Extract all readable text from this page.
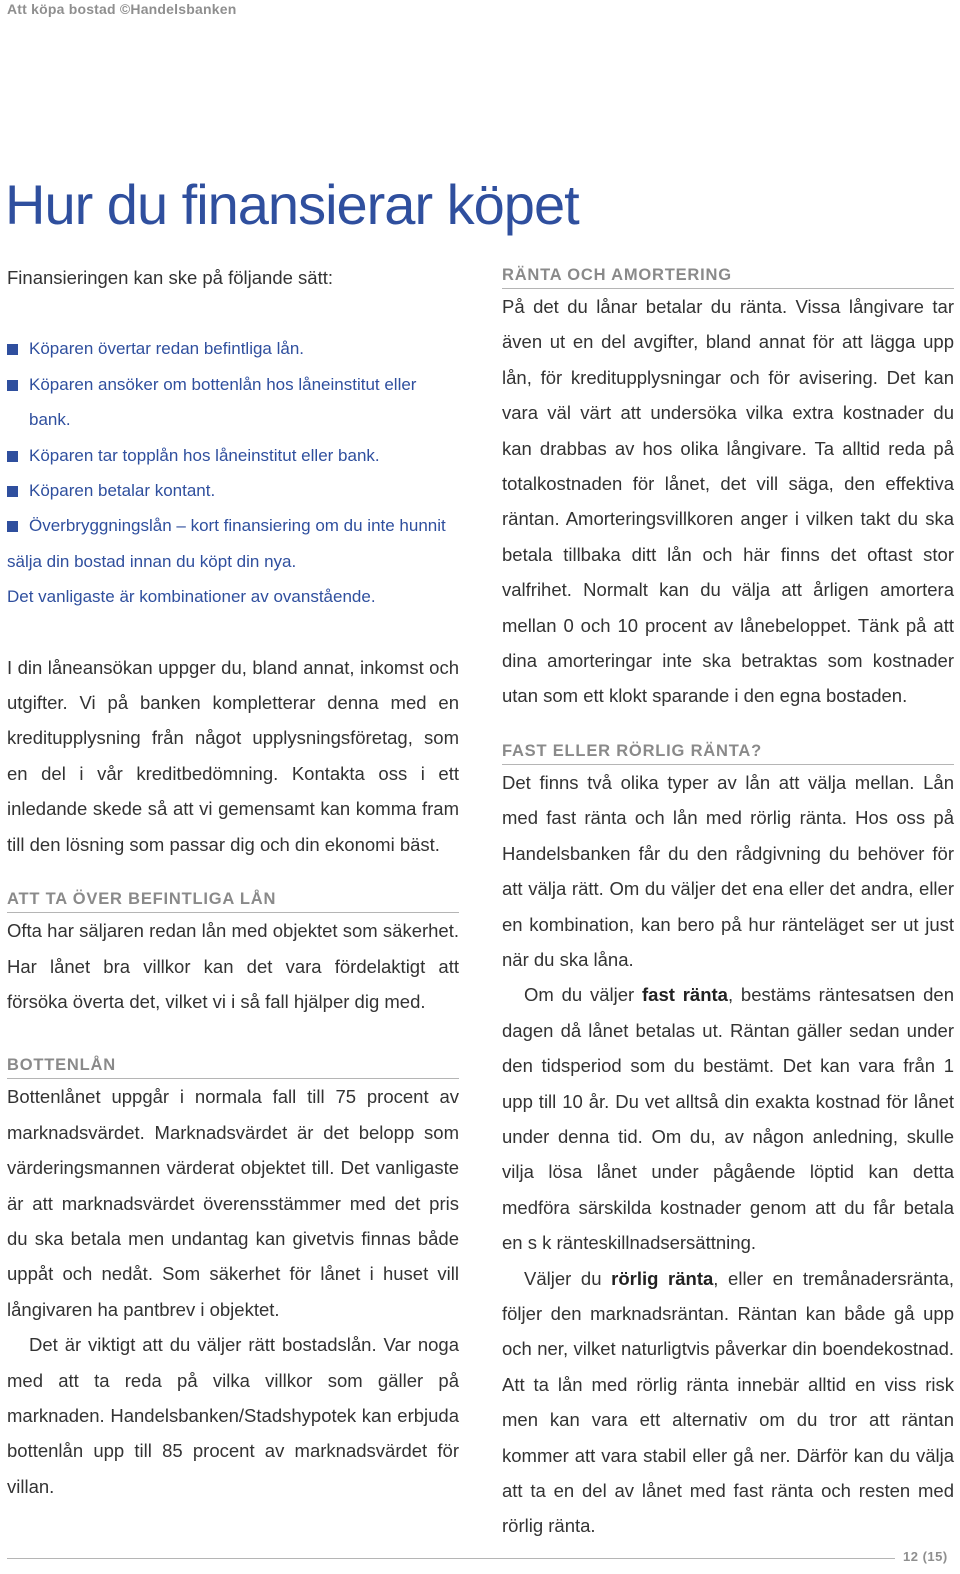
Att köpa bostad ©Handelsbanken
Hur du finansierar köpet

Finansieringen kan ske på följande sätt:

Köparen övertar redan befintliga lån.
Köparen ansöker om bottenlån hos låneinstitut eller bank.
Köparen tar topplån hos låneinstitut eller bank.
Köparen betalar kontant.
Överbryggningslån – kort finansiering om du inte hunnit sälja din bostad innan du köpt din nya.

Det vanligaste är kombinationer av ovanstående.

I din låneansökan uppger du, bland annat, inkomst och utgifter. Vi på banken kompletterar denna med en kreditupplysning från något upplysningsföretag, som en del i vår kreditbedömning. Kontakta oss i ett inledande skede så att vi gemensamt kan komma fram till den lösning som passar dig och din ekonomi bäst.

ATT TA ÖVER BEFINTLIGA LÅN

Ofta har säljaren redan lån med objektet som säkerhet. Har lånet bra villkor kan det vara fördelaktigt att försöka överta det, vilket vi i så fall hjälper dig med.

BOTTENLÅN

Bottenlånet uppgår i normala fall till 75 procent av marknadsvärdet. Marknadsvärdet är det belopp som värderingsmannen värderat objektet till. Det vanligaste är att marknadsvärdet överensstämmer med det pris du ska betala men undantag kan givetvis finnas både uppåt och nedåt. Som säkerhet för lånet i huset vill långivaren ha pantbrev i objektet.

Det är viktigt att du väljer rätt bostadslån. Var noga med att ta reda på vilka villkor som gäller på marknaden. Handelsbanken/Stadshypotek kan erbjuda bottenlån upp till 85 procent av marknadsvärdet för villan.

RÄNTA OCH AMORTERING

På det du lånar betalar du ränta. Vissa långivare tar även ut en del avgifter, bland annat för att lägga upp lån, för kreditupplysningar och för avisering. Det kan vara väl värt att undersöka vilka extra kostnader du kan drabbas av hos olika långivare. Ta alltid reda på totalkostnaden för lånet, det vill säga, den effektiva räntan. Amorteringsvillkoren anger i vilken takt du ska betala tillbaka ditt lån och här finns det oftast stor valfrihet. Normalt kan du välja att årligen amortera mellan 0 och 10 procent av lånebeloppet. Tänk på att dina amorteringar inte ska betraktas som kostnader utan som ett klokt sparande i den egna bostaden.

FAST ELLER RÖRLIG RÄNTA?

Det finns två olika typer av lån att välja mellan. Lån med fast ränta och lån med rörlig ränta. Hos oss på Handelsbanken får du den rådgivning du behöver för att välja rätt. Om du väljer det ena eller det andra, eller en kombination, kan bero på hur ränteläget ser ut just när du ska låna.

Om du väljer fast ränta, bestäms räntesatsen den dagen då lånet betalas ut. Räntan gäller sedan under den tidsperiod som du bestämt. Det kan vara från 1 upp till 10 år. Du vet alltså din exakta kostnad för lånet under denna tid. Om du, av någon anledning, skulle vilja lösa lånet under pågående löptid kan detta medföra särskilda kostnader genom att du får betala en s k ränteskillnadsersättning.

Väljer du rörlig ränta, eller en tremånadersränta, följer den marknadsräntan. Räntan kan både gå upp och ner, vilket naturligtvis påverkar din boendekostnad. Att ta lån med rörlig ränta innebär alltid en viss risk men kan vara ett alternativ om du tror att räntan kommer att vara stabil eller gå ner. Därför kan du välja att ta en del av lånet med fast ränta och resten med rörlig ränta.

12 (15)
